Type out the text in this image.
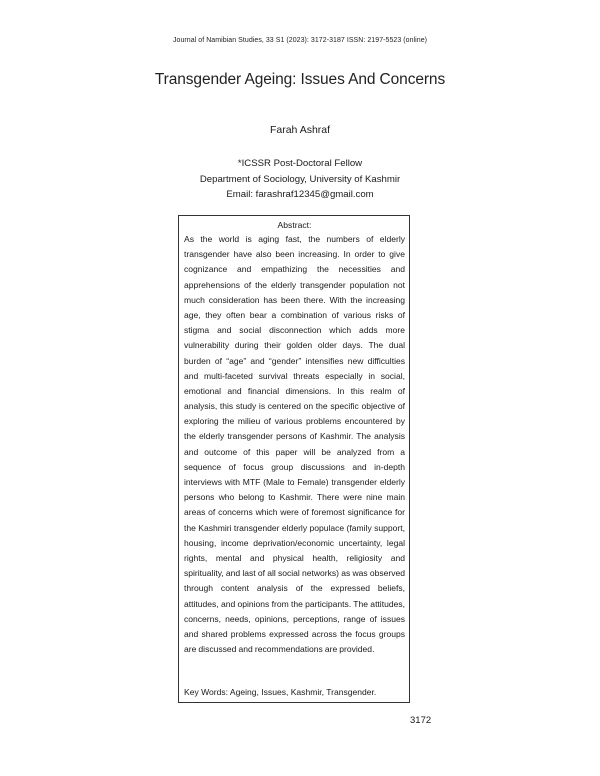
Journal of Namibian Studies, 33 S1 (2023): 3172-3187 ISSN: 2197-5523 (online)
Transgender Ageing: Issues And Concerns
Farah Ashraf
*ICSSR Post-Doctoral Fellow
Department of Sociology, University of Kashmir
Email: farashraf12345@gmail.com
Abstract:

As the world is aging fast, the numbers of elderly transgender have also been increasing. In order to give cognizance and empathizing the necessities and apprehensions of the elderly transgender population not much consideration has been there. With the increasing age, they often bear a combination of various risks of stigma and social disconnection which adds more vulnerability during their golden older days. The dual burden of “age” and “gender” intensifies new difficulties and multi-faceted survival threats especially in social, emotional and financial dimensions. In this realm of analysis, this study is centered on the specific objective of exploring the milieu of various problems encountered by the elderly transgender persons of Kashmir. The analysis and outcome of this paper will be analyzed from a sequence of focus group discussions and in-depth interviews with MTF (Male to Female) transgender elderly persons who belong to Kashmir. There were nine main areas of concerns which were of foremost significance for the Kashmiri transgender elderly populace (family support, housing, income deprivation/economic uncertainty, legal rights, mental and physical health, religiosity and spirituality, and last of all social networks) as was observed through content analysis of the expressed beliefs, attitudes, and opinions from the participants. The attitudes, concerns, needs, opinions, perceptions, range of issues and shared problems expressed across the focus groups are discussed and recommendations are provided.

Key Words: Ageing, Issues, Kashmir, Transgender.
3172
